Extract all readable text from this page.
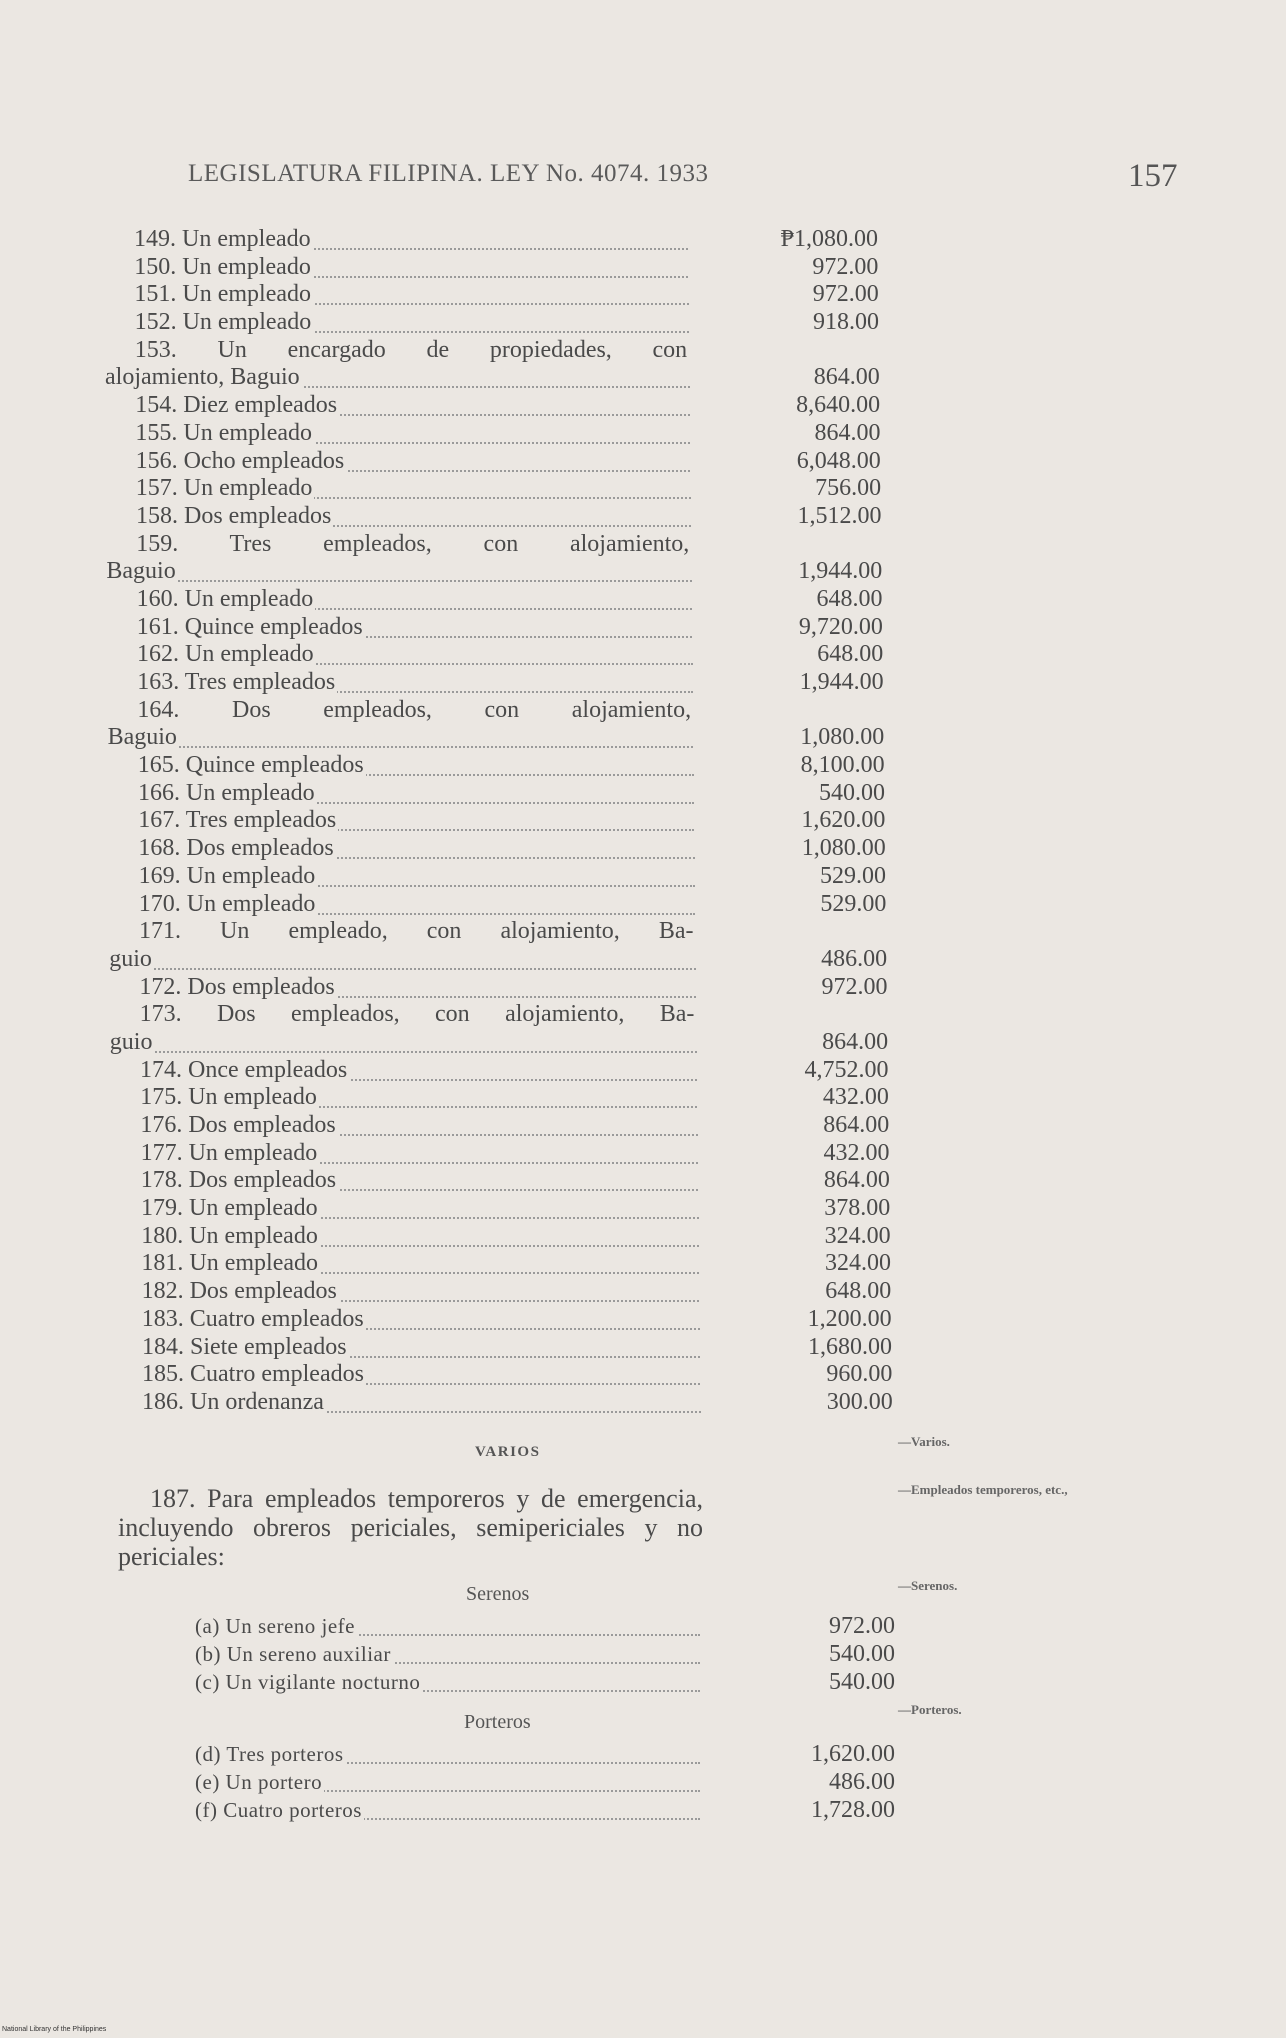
LEGISLATURA FILIPINA. LEY No. 4074. 1933	157
149. Un empleado	₱1,080.00
150. Un empleado	972.00
151. Un empleado	972.00
152. Un empleado	918.00
153. Un encargado de propiedades, con
alojamiento, Baguio	864.00
154. Diez empleados	8,640.00
155. Un empleado	864.00
156. Ocho empleados	6,048.00
157. Un empleado	756.00
158. Dos empleados	1,512.00
159. Tres empleados, con alojamiento,
Baguio	1,944.00
160. Un empleado	648.00
161. Quince empleados	9,720.00
162. Un empleado	648.00
163. Tres empleados	1,944.00
164. Dos empleados, con alojamiento,
Baguio	1,080.00
165. Quince empleados	8,100.00
166. Un empleado	540.00
167. Tres empleados	1,620.00
168. Dos empleados	1,080.00
169. Un empleado	529.00
170. Un empleado	529.00
171. Un empleado, con alojamiento, Ba-
guio	486.00
172. Dos empleados	972.00
173. Dos empleados, con alojamiento, Ba-
guio	864.00
174. Once empleados	4,752.00
175. Un empleado	432.00
176. Dos empleados	864.00
177. Un empleado	432.00
178. Dos empleados	864.00
179. Un empleado	378.00
180. Un empleado	324.00
181. Un empleado	324.00
182. Dos empleados	648.00
183. Cuatro empleados	1,200.00
184. Siete empleados	1,680.00
185. Cuatro empleados	960.00
186. Un ordenanza	300.00
VARIOS
187. Para empleados temporeros y de emergencia, incluyendo obreros periciales, semipericiales y no periciales:
Serenos
(a) Un sereno jefe	972.00
(b) Un sereno auxiliar	540.00
(c) Un vigilante nocturno	540.00
Porteros
(d) Tres porteros	1,620.00
(e) Un portero	486.00
(f) Cuatro porteros	1,728.00
—Varios.
—Empleados temporeros, etc.,
—Serenos.
—Porteros.
National Library of the Philippines
